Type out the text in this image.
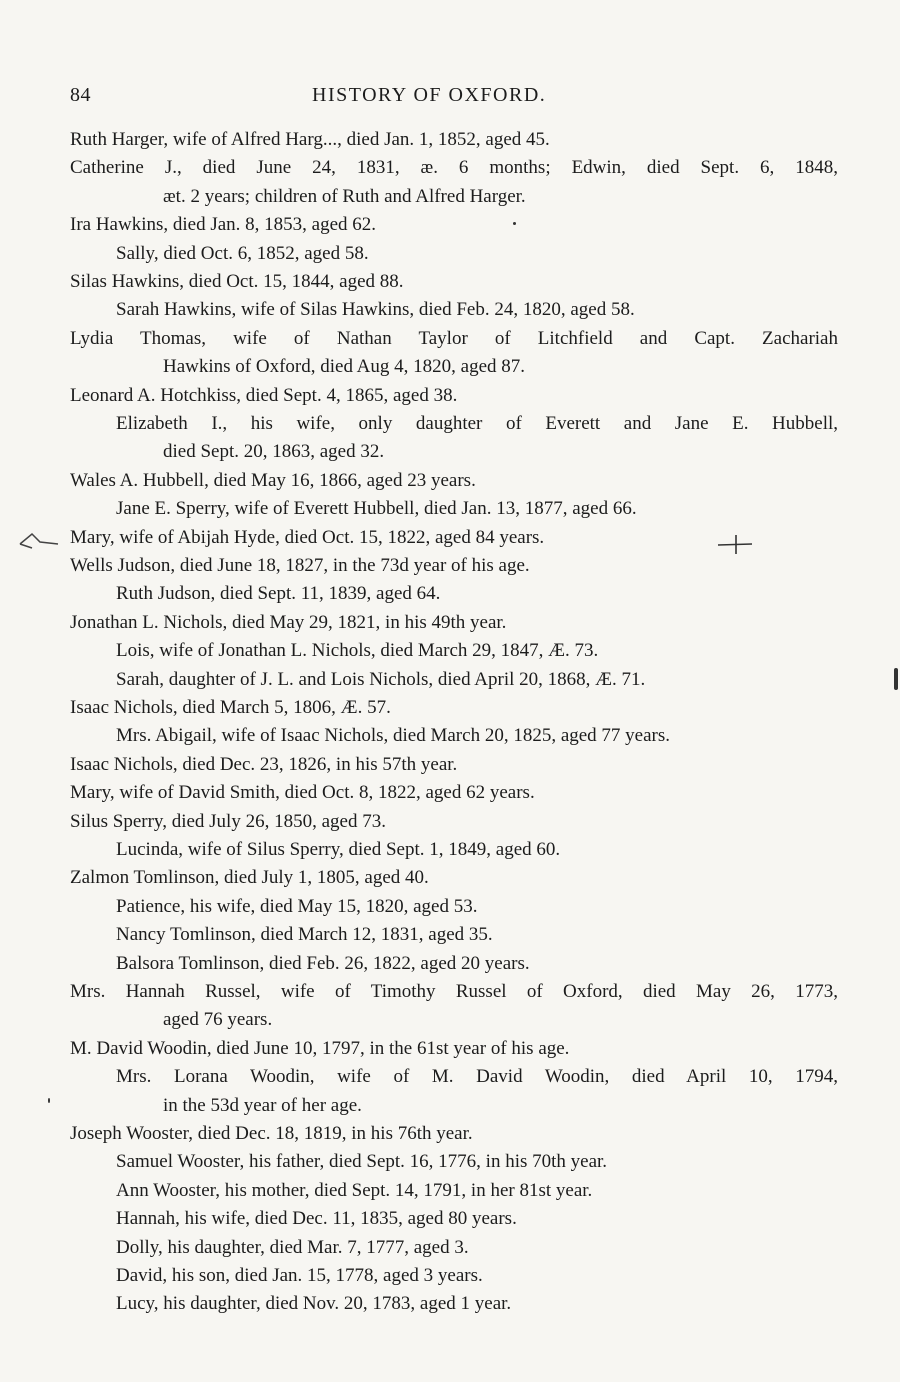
84	HISTORY OF OXFORD.
Ruth Harger, wife of Alfred Harg..., died Jan. 1, 1852, aged 45.
Catherine J., died June 24, 1831, æ. 6 months; Edwin, died Sept. 6, 1848,
æt. 2 years; children of Ruth and Alfred Harger.
Ira Hawkins, died Jan. 8, 1853, aged 62.
Sally, died Oct. 6, 1852, aged 58.
Silas Hawkins, died Oct. 15, 1844, aged 88.
Sarah Hawkins, wife of Silas Hawkins, died Feb. 24, 1820, aged 58.
Lydia Thomas, wife of Nathan Taylor of Litchfield and Capt. Zachariah
Hawkins of Oxford, died Aug 4, 1820, aged 87.
Leonard A. Hotchkiss, died Sept. 4, 1865, aged 38.
Elizabeth I., his wife, only daughter of Everett and Jane E. Hubbell,
died Sept. 20, 1863, aged 32.
Wales A. Hubbell, died May 16, 1866, aged 23 years.
Jane E. Sperry, wife of Everett Hubbell, died Jan. 13, 1877, aged 66.
Mary, wife of Abijah Hyde, died Oct. 15, 1822, aged 84 years.
Wells Judson, died June 18, 1827, in the 73d year of his age.
Ruth Judson, died Sept. 11, 1839, aged 64.
Jonathan L. Nichols, died May 29, 1821, in his 49th year.
Lois, wife of Jonathan L. Nichols, died March 29, 1847, Æ. 73.
Sarah, daughter of J. L. and Lois Nichols, died April 20, 1868, Æ. 71.
Isaac Nichols, died March 5, 1806, Æ. 57.
Mrs. Abigail, wife of Isaac Nichols, died March 20, 1825, aged 77 years.
Isaac Nichols, died Dec. 23, 1826, in his 57th year.
Mary, wife of David Smith, died Oct. 8, 1822, aged 62 years.
Silus Sperry, died July 26, 1850, aged 73.
Lucinda, wife of Silus Sperry, died Sept. 1, 1849, aged 60.
Zalmon Tomlinson, died July 1, 1805, aged 40.
Patience, his wife, died May 15, 1820, aged 53.
Nancy Tomlinson, died March 12, 1831, aged 35.
Balsora Tomlinson, died Feb. 26, 1822, aged 20 years.
Mrs. Hannah Russel, wife of Timothy Russel of Oxford, died May 26, 1773,
aged 76 years.
M. David Woodin, died June 10, 1797, in the 61st year of his age.
Mrs. Lorana Woodin, wife of M. David Woodin, died April 10, 1794,
in the 53d year of her age.
Joseph Wooster, died Dec. 18, 1819, in his 76th year.
Samuel Wooster, his father, died Sept. 16, 1776, in his 70th year.
Ann Wooster, his mother, died Sept. 14, 1791, in her 81st year.
Hannah, his wife, died Dec. 11, 1835, aged 80 years.
Dolly, his daughter, died Mar. 7, 1777, aged 3.
David, his son, died Jan. 15, 1778, aged 3 years.
Lucy, his daughter, died Nov. 20, 1783, aged 1 year.
